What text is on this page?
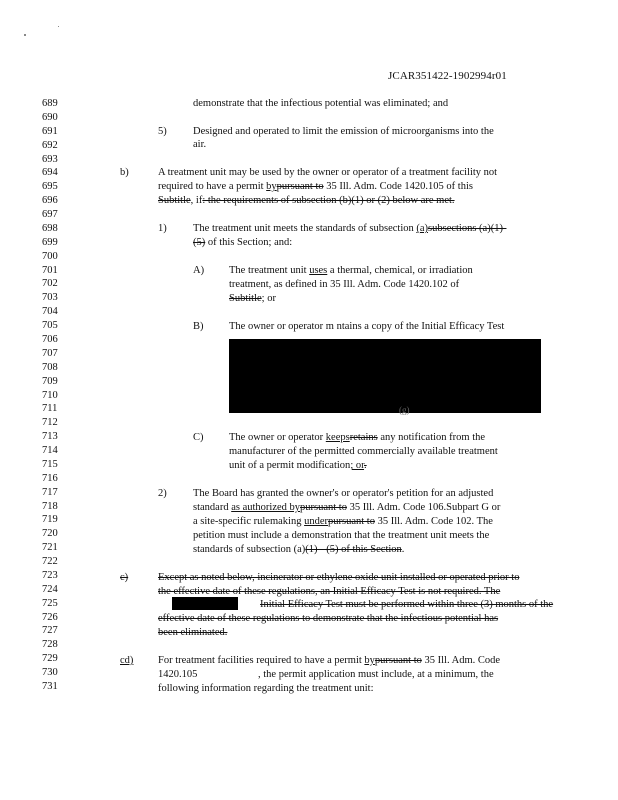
JCAR351422-1902994r01
689
690
691
692
693
694
695
696
697
698
699
700
701
702
703
704
705
706
707
708
709
710
711
712
713
714
715
716
717
718
719
720
721
722
723
724
725
726
727
728
729
730
731
demonstrate that the infectious potential was eliminated; and
5)	Designed and operated to limit the emission of microorganisms into the
air.
b)	A treatment unit may be used by the owner or operator of a treatment facility not
required to have a permit bypursuant to 35 Ill. Adm. Code 1420.105 of this
Subtitle, if: the requirements of subsection (b)(1) or (2) below are met.
1)	The treatment unit meets the standards of subsection (a)subsections (a)(1)-
(5) of this Section; and:
A) The treatment unit uses a thermal, chemical, or irradiation
treatment, as defined in 35 Ill. Adm. Code 1420.102 of
Subtitle; or
B) The owner or operator m ntains a copy of the Initial Efficacy Test
(g)
C) The owner or operator keepsretains any notification from the
manufacturer of the permitted commercially available treatment
unit of a permit modification; or.
2)	The Board has granted the owner's or operator's petition for an adjusted
standard as authorized bypursuant to 35 Ill. Adm. Code 106.Subpart G or
a site-specific rulemaking underpursuant to 35 Ill. Adm. Code 102. The
petition must include a demonstration that the treatment unit meets the
standards of subsection (a)(1) - (5) of this Section.
c)	Except as noted below, incinerator or ethylene oxide unit installed or operated prior to
the effective date of these regulations, an Initial Efficacy Test is not required. The
Initial Efficacy Test must be performed within three (3) months of the
effective date of these regulations to demonstrate that the infectious potential has
been eliminated.
cd) For treatment facilities required to have a permit bypursuant to 35 Ill. Adm. Code
1420.105	, the permit application must include, at a minimum, the
following information regarding the treatment unit:
